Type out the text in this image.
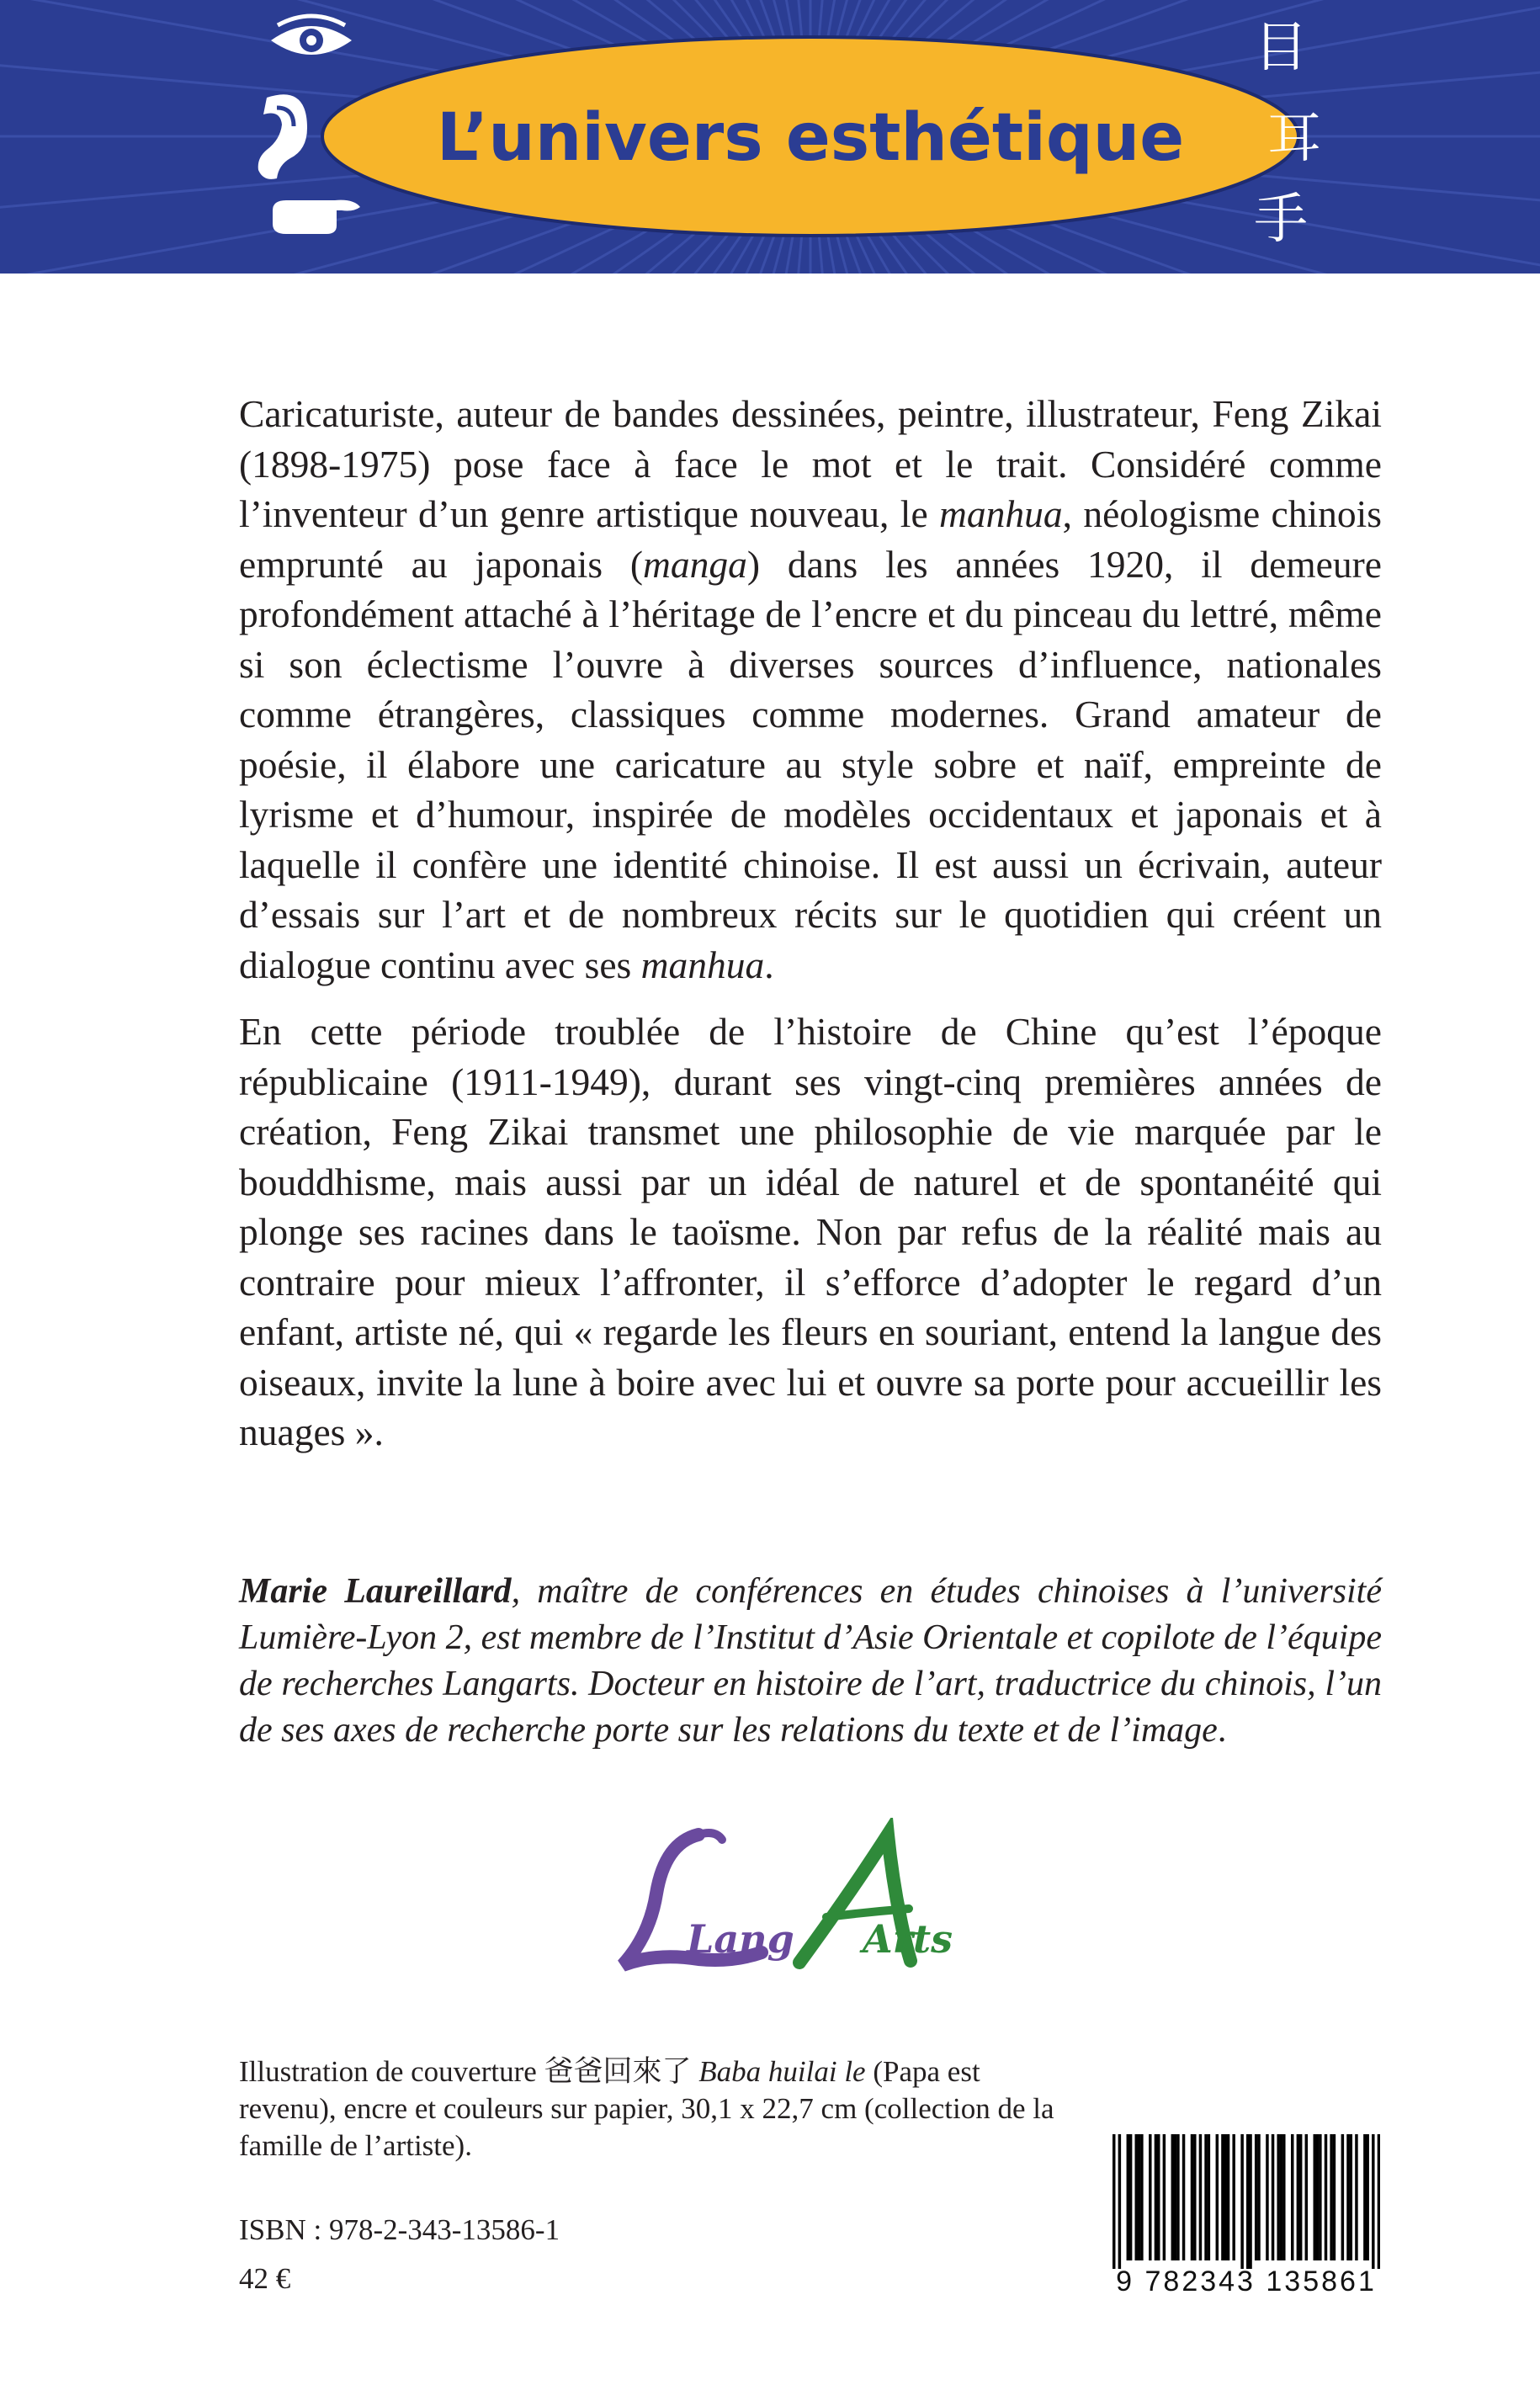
L’univers esthétique
目
耳
手

Caricaturiste, auteur de bandes dessinées, peintre, illustrateur, Feng Zikai (1898-1975) pose face à face le mot et le trait. Considéré comme l’inventeur d’un genre artistique nouveau, le manhua, néologisme chinois emprunté au japonais (manga) dans les années 1920, il demeure profondément attaché à l’héritage de l’encre et du pinceau du lettré, même si son éclectisme l’ouvre à diverses sources d’influence, nationales comme étrangères, classiques comme modernes. Grand amateur de poésie, il élabore une caricature au style sobre et naïf, empreinte de lyrisme et d’humour, inspirée de modèles occidentaux et japonais et à laquelle il confère une identité chinoise. Il est aussi un écrivain, auteur d’essais sur l’art et de nombreux récits sur le quotidien qui créent un dialogue continu avec ses manhua.

En cette période troublée de l’histoire de Chine qu’est l’époque républicaine (1911-1949), durant ses vingt-cinq premières années de création, Feng Zikai transmet une philosophie de vie marquée par le bouddhisme, mais aussi par un idéal de naturel et de spontanéité qui plonge ses racines dans le taoïsme. Non par refus de la réalité mais au contraire pour mieux l’affronter, il s’efforce d’adopter le regard d’un enfant, artiste né, qui « regarde les fleurs en souriant, entend la langue des oiseaux, invite la lune à boire avec lui et ouvre sa porte pour accueillir les nuages ».

Marie Laureillard, maître de conférences en études chinoises à l’université Lumière-Lyon 2, est membre de l’Institut d’Asie Orientale et copilote de l’équipe de recherches Langarts. Docteur en histoire de l’art, traductrice du chinois, l’un de ses axes de recherche porte sur les relations du texte et de l’image.
Lang Arts
Illustration de couverture 爸爸回來了 Baba huilai le (Papa est revenu), encre et couleurs sur papier, 30,1 x 22,7 cm (collection de la famille de l’artiste).
ISBN : 978-2-343-13586-1
42 €	9 782343 135861
